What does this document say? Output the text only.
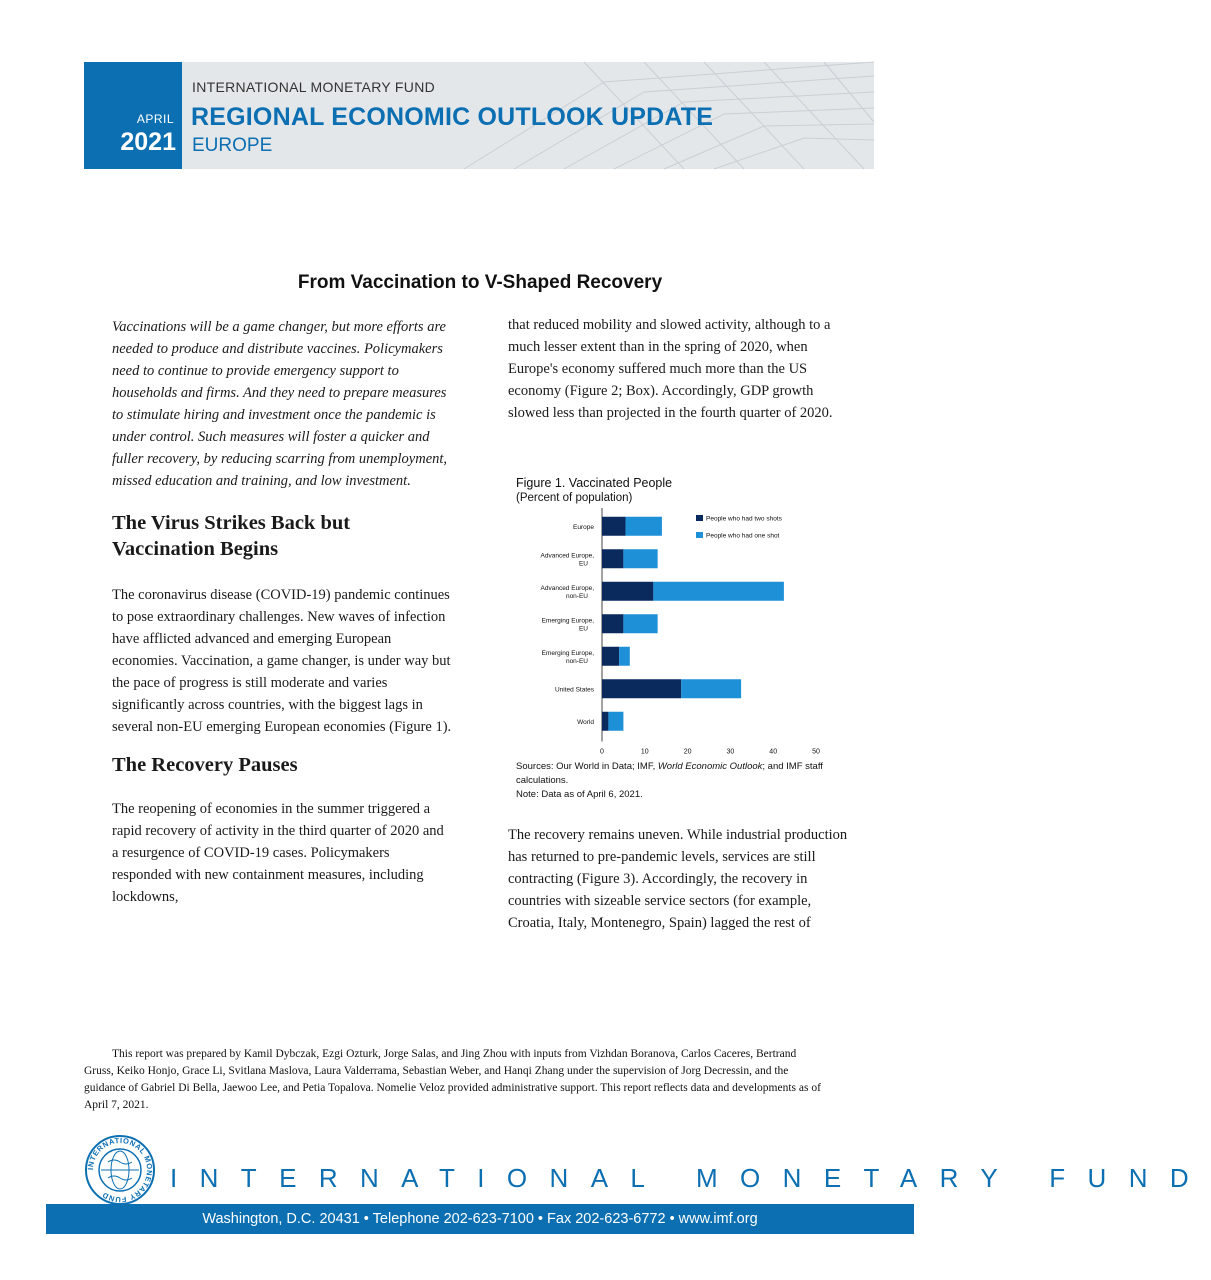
APRIL
2021
INTERNATIONAL MONETARY FUND
REGIONAL ECONOMIC OUTLOOK UPDATE
EUROPE
From Vaccination to V-Shaped Recovery

Vaccinations will be a game changer, but more efforts are needed to produce and distribute vaccines. Policymakers need to continue to provide emergency support to households and firms. And they need to prepare measures to stimulate hiring and investment once the pandemic is under control. Such measures will foster a quicker and fuller recovery, by reducing scarring from unemployment, missed education and training, and low investment.

The Virus Strikes Back but Vaccination Begins

The coronavirus disease (COVID-19) pandemic continues to pose extraordinary challenges. New waves of infection have afflicted advanced and emerging European economies. Vaccination, a game changer, is under way but the pace of progress is still moderate and varies significantly across countries, with the biggest lags in several non-EU emerging European economies (Figure 1).

The Recovery Pauses

The reopening of economies in the summer triggered a rapid recovery of activity in the third quarter of 2020 and a resurgence of COVID-19 cases. Policymakers responded with new containment measures, including lockdowns,

that reduced mobility and slowed activity, although to a much lesser extent than in the spring of 2020, when Europe's economy suffered much more than the US economy (Figure 2; Box). Accordingly, GDP growth slowed less than projected in the fourth quarter of 2020.

The recovery remains uneven. While industrial production has returned to pre-pandemic levels, services are still contracting (Figure 3). Accordingly, the recovery in countries with sizeable service sectors (for example, Croatia, Italy, Montenegro, Spain) lagged the rest of

Figure 1. Vaccinated People
(Percent of population)
Europe
Advanced Europe, EU
Advanced Europe, non-EU
Emerging Europe, EU
Emerging Europe, non-EU
United States
World
0	10	20	30	40	50
People who had two shots
People who had one shot
Sources: Our World in Data; IMF, World Economic Outlook; and IMF staff calculations.
Note: Data as of April 6, 2021.
This report was prepared by Kamil Dybczak, Ezgi Ozturk, Jorge Salas, and Jing Zhou with inputs from Vizhdan Boranova, Carlos Caceres, Bertrand Gruss, Keiko Honjo, Grace Li, Svitlana Maslova, Laura Valderrama, Sebastian Weber, and Hanqi Zhang under the supervision of Jorg Decressin, and the guidance of Gabriel Di Bella, Jaewoo Lee, and Petia Topalova. Nomelie Veloz provided administrative support. This report reflects data and developments as of April 7, 2021.
INTERNATIONAL MONETARY FUND
INTERNATIONAL MONETARY FUND
Washington, D.C. 20431 • Telephone 202-623-7100 • Fax 202-623-6772 • www.imf.org
